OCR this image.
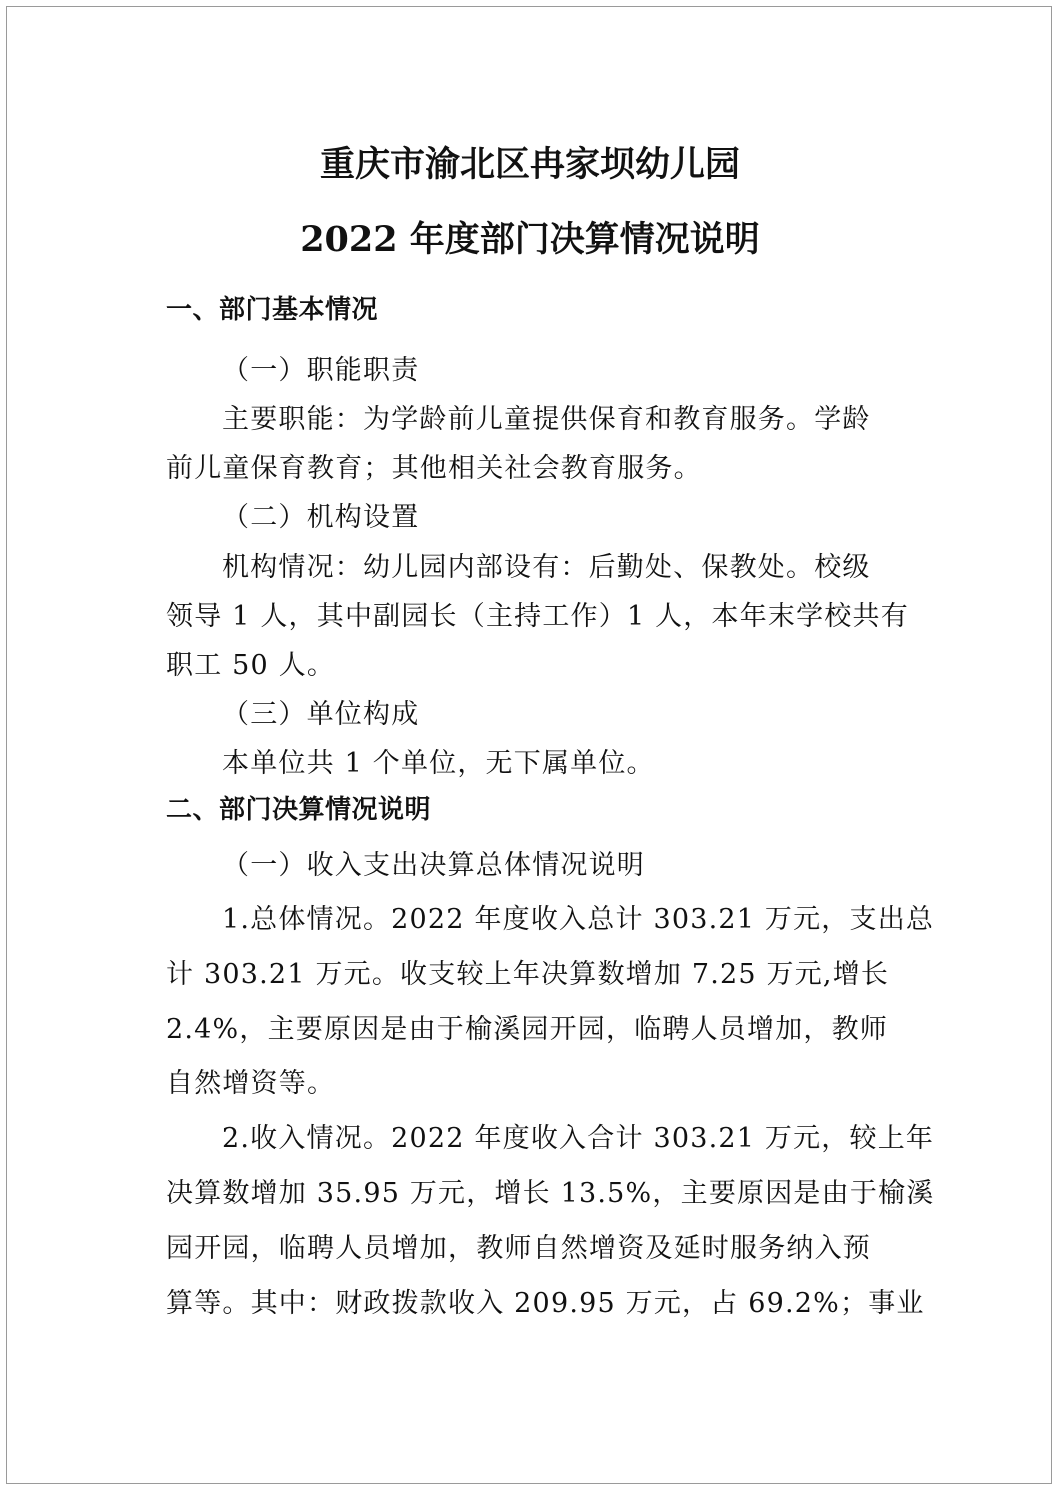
重庆市渝北区冉家坝幼儿园
2022 年度部门决算情况说明
一、部门基本情况
（一）职能职责
主要职能：为学龄前儿童提供保育和教育服务。学龄
前儿童保育教育；其他相关社会教育服务。
（二）机构设置
机构情况：幼儿园内部设有：后勤处、保教处。校级
领导 1 人，其中副园长（主持工作）1 人，本年末学校共有
职工 50 人。
（三）单位构成
本单位共 1 个单位，无下属单位。
二、部门决算情况说明
（一）收入支出决算总体情况说明
1.总体情况。2022 年度收入总计 303.21 万元，支出总
计 303.21 万元。收支较上年决算数增加 7.25 万元,增长
2.4%，主要原因是由于榆溪园开园，临聘人员增加，教师
自然增资等。
2.收入情况。2022 年度收入合计 303.21 万元，较上年
决算数增加 35.95 万元，增长 13.5%，主要原因是由于榆溪
园开园，临聘人员增加，教师自然增资及延时服务纳入预
算等。其中：财政拨款收入 209.95 万元，占 69.2%；事业
